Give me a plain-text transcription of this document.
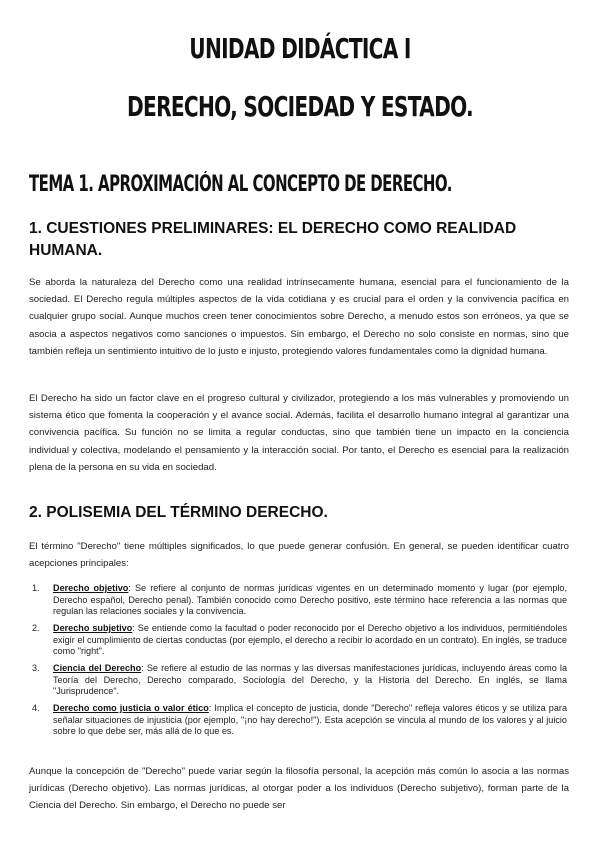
UNIDAD DIDÁCTICA I
DERECHO, SOCIEDAD Y ESTADO.
TEMA 1. APROXIMACIÓN AL CONCEPTO DE DERECHO.
1. CUESTIONES PRELIMINARES: EL DERECHO COMO REALIDAD HUMANA.

Se aborda la naturaleza del Derecho como una realidad intrínsecamente humana, esencial para el funcionamiento de la sociedad. El Derecho regula múltiples aspectos de la vida cotidiana y es crucial para el orden y la convivencia pacífica en cualquier grupo social. Aunque muchos creen tener conocimientos sobre Derecho, a menudo estos son erróneos, ya que se asocia a aspectos negativos como sanciones o impuestos. Sin embargo, el Derecho no solo consiste en normas, sino que también refleja un sentimiento intuitivo de lo justo e injusto, protegiendo valores fundamentales como la dignidad humana.

El Derecho ha sido un factor clave en el progreso cultural y civilizador, protegiendo a los más vulnerables y promoviendo un sistema ético que fomenta la cooperación y el avance social. Además, facilita el desarrollo humano integral al garantizar una convivencia pacífica. Su función no se limita a regular conductas, sino que también tiene un impacto en la conciencia individual y colectiva, modelando el pensamiento y la interacción social. Por tanto, el Derecho es esencial para la realización plena de la persona en su vida en sociedad.

2. POLISEMIA DEL TÉRMINO DERECHO.

El término "Derecho" tiene múltiples significados, lo que puede generar confusión. En general, se pueden identificar cuatro acepciones principales:

1. Derecho objetivo: Se refiere al conjunto de normas jurídicas vigentes en un determinado momento y lugar (por ejemplo, Derecho español, Derecho penal). También conocido como Derecho positivo, este término hace referencia a las normas que regulan las relaciones sociales y la convivencia.
2. Derecho subjetivo: Se entiende como la facultad o poder reconocido por el Derecho objetivo a los individuos, permitiéndoles exigir el cumplimiento de ciertas conductas (por ejemplo, el derecho a recibir lo acordado en un contrato). En inglés, se traduce como "right".
3. Ciencia del Derecho: Se refiere al estudio de las normas y las diversas manifestaciones jurídicas, incluyendo áreas como la Teoría del Derecho, Derecho comparado, Sociología del Derecho, y la Historia del Derecho. En inglés, se llama "Jurisprudence".
4. Derecho como justicia o valor ético: Implica el concepto de justicia, donde "Derecho" refleja valores éticos y se utiliza para señalar situaciones de injusticia (por ejemplo, "¡no hay derecho!"). Esta acepción se vincula al mundo de los valores y al juicio sobre lo que debe ser, más allá de lo que es.

Aunque la concepción de "Derecho" puede variar según la filosofía personal, la acepción más común lo asocia a las normas jurídicas (Derecho objetivo). Las normas jurídicas, al otorgar poder a los individuos (Derecho subjetivo), forman parte de la Ciencia del Derecho. Sin embargo, el Derecho no puede ser
